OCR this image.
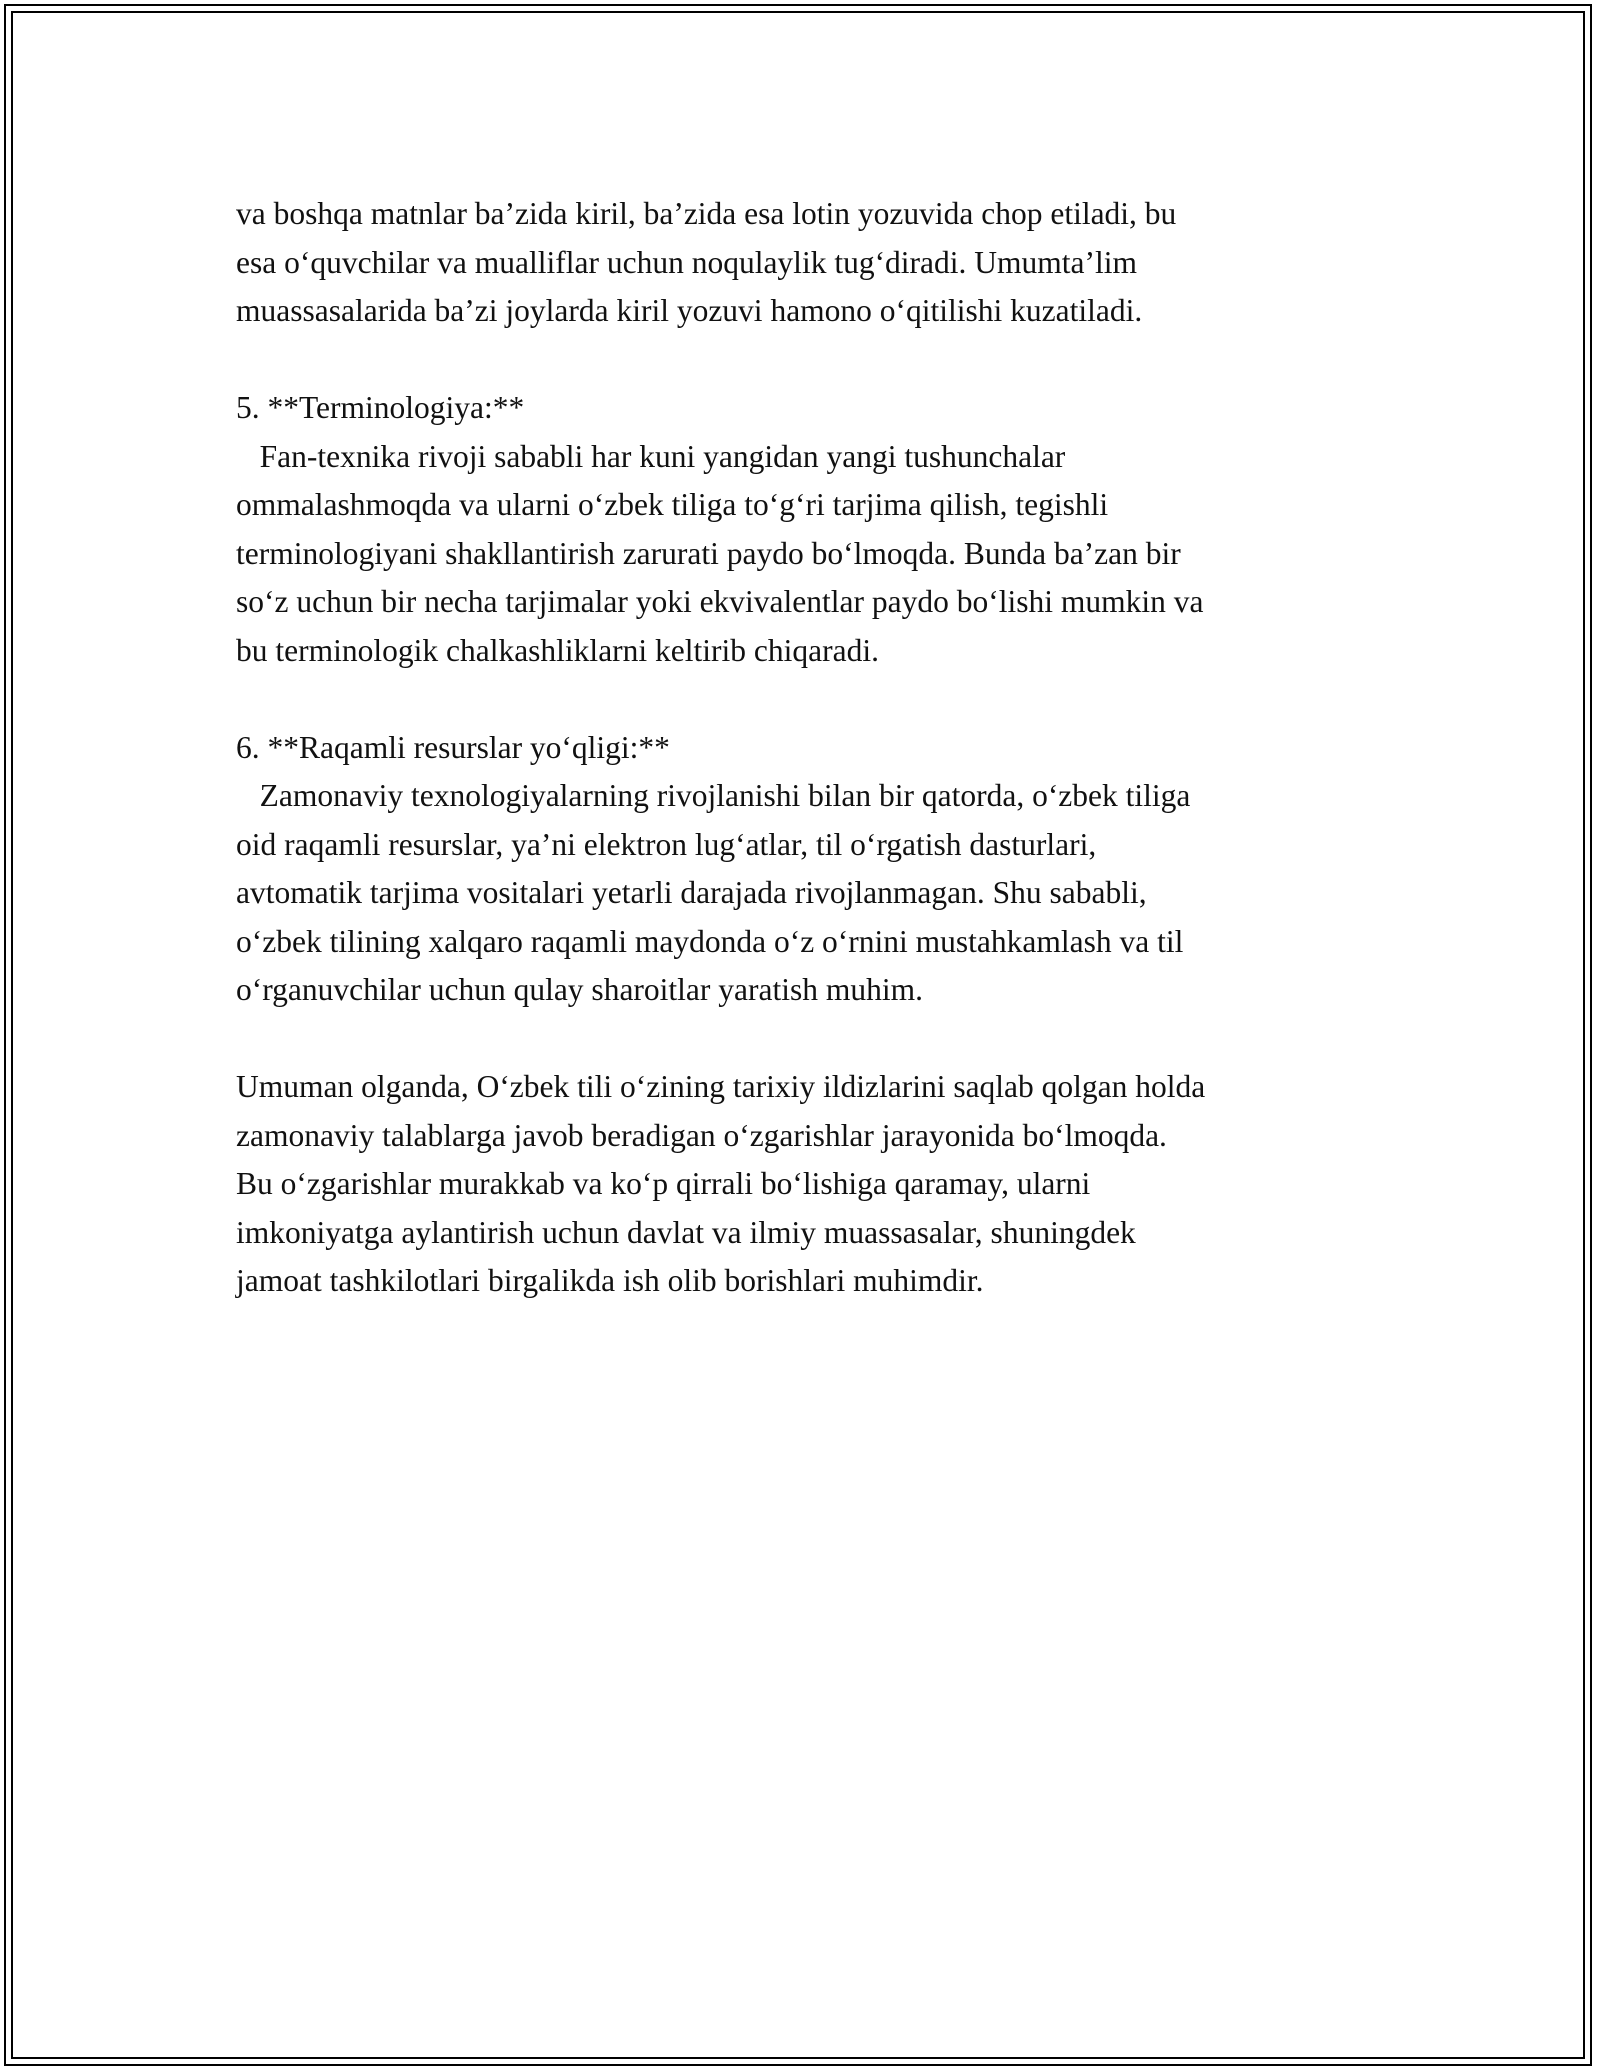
va boshqa matnlar ba’zida kiril, ba’zida esa lotin yozuvida chop etiladi, bu
esa o‘quvchilar va mualliflar uchun noqulaylik tug‘diradi. Umumta’lim
muassasalarida ba’zi joylarda kiril yozuvi hamono o‘qitilishi kuzatiladi.
5. **Terminologiya:**
Fan-texnika rivoji sababli har kuni yangidan yangi tushunchalar
ommalashmoqda va ularni o‘zbek tiliga to‘g‘ri tarjima qilish, tegishli
terminologiyani shakllantirish zarurati paydo bo‘lmoqda. Bunda ba’zan bir
so‘z uchun bir necha tarjimalar yoki ekvivalentlar paydo bo‘lishi mumkin va
bu terminologik chalkashliklarni keltirib chiqaradi.
6. **Raqamli resurslar yo‘qligi:**
Zamonaviy texnologiyalarning rivojlanishi bilan bir qatorda, o‘zbek tiliga
oid raqamli resurslar, ya’ni elektron lug‘atlar, til o‘rgatish dasturlari,
avtomatik tarjima vositalari yetarli darajada rivojlanmagan. Shu sababli,
o‘zbek tilining xalqaro raqamli maydonda o‘z o‘rnini mustahkamlash va til
o‘rganuvchilar uchun qulay sharoitlar yaratish muhim.
Umuman olganda, O‘zbek tili o‘zining tarixiy ildizlarini saqlab qolgan holda
zamonaviy talablarga javob beradigan o‘zgarishlar jarayonida bo‘lmoqda.
Bu o‘zgarishlar murakkab va ko‘p qirrali bo‘lishiga qaramay, ularni
imkoniyatga aylantirish uchun davlat va ilmiy muassasalar, shuningdek
jamoat tashkilotlari birgalikda ish olib borishlari muhimdir.
